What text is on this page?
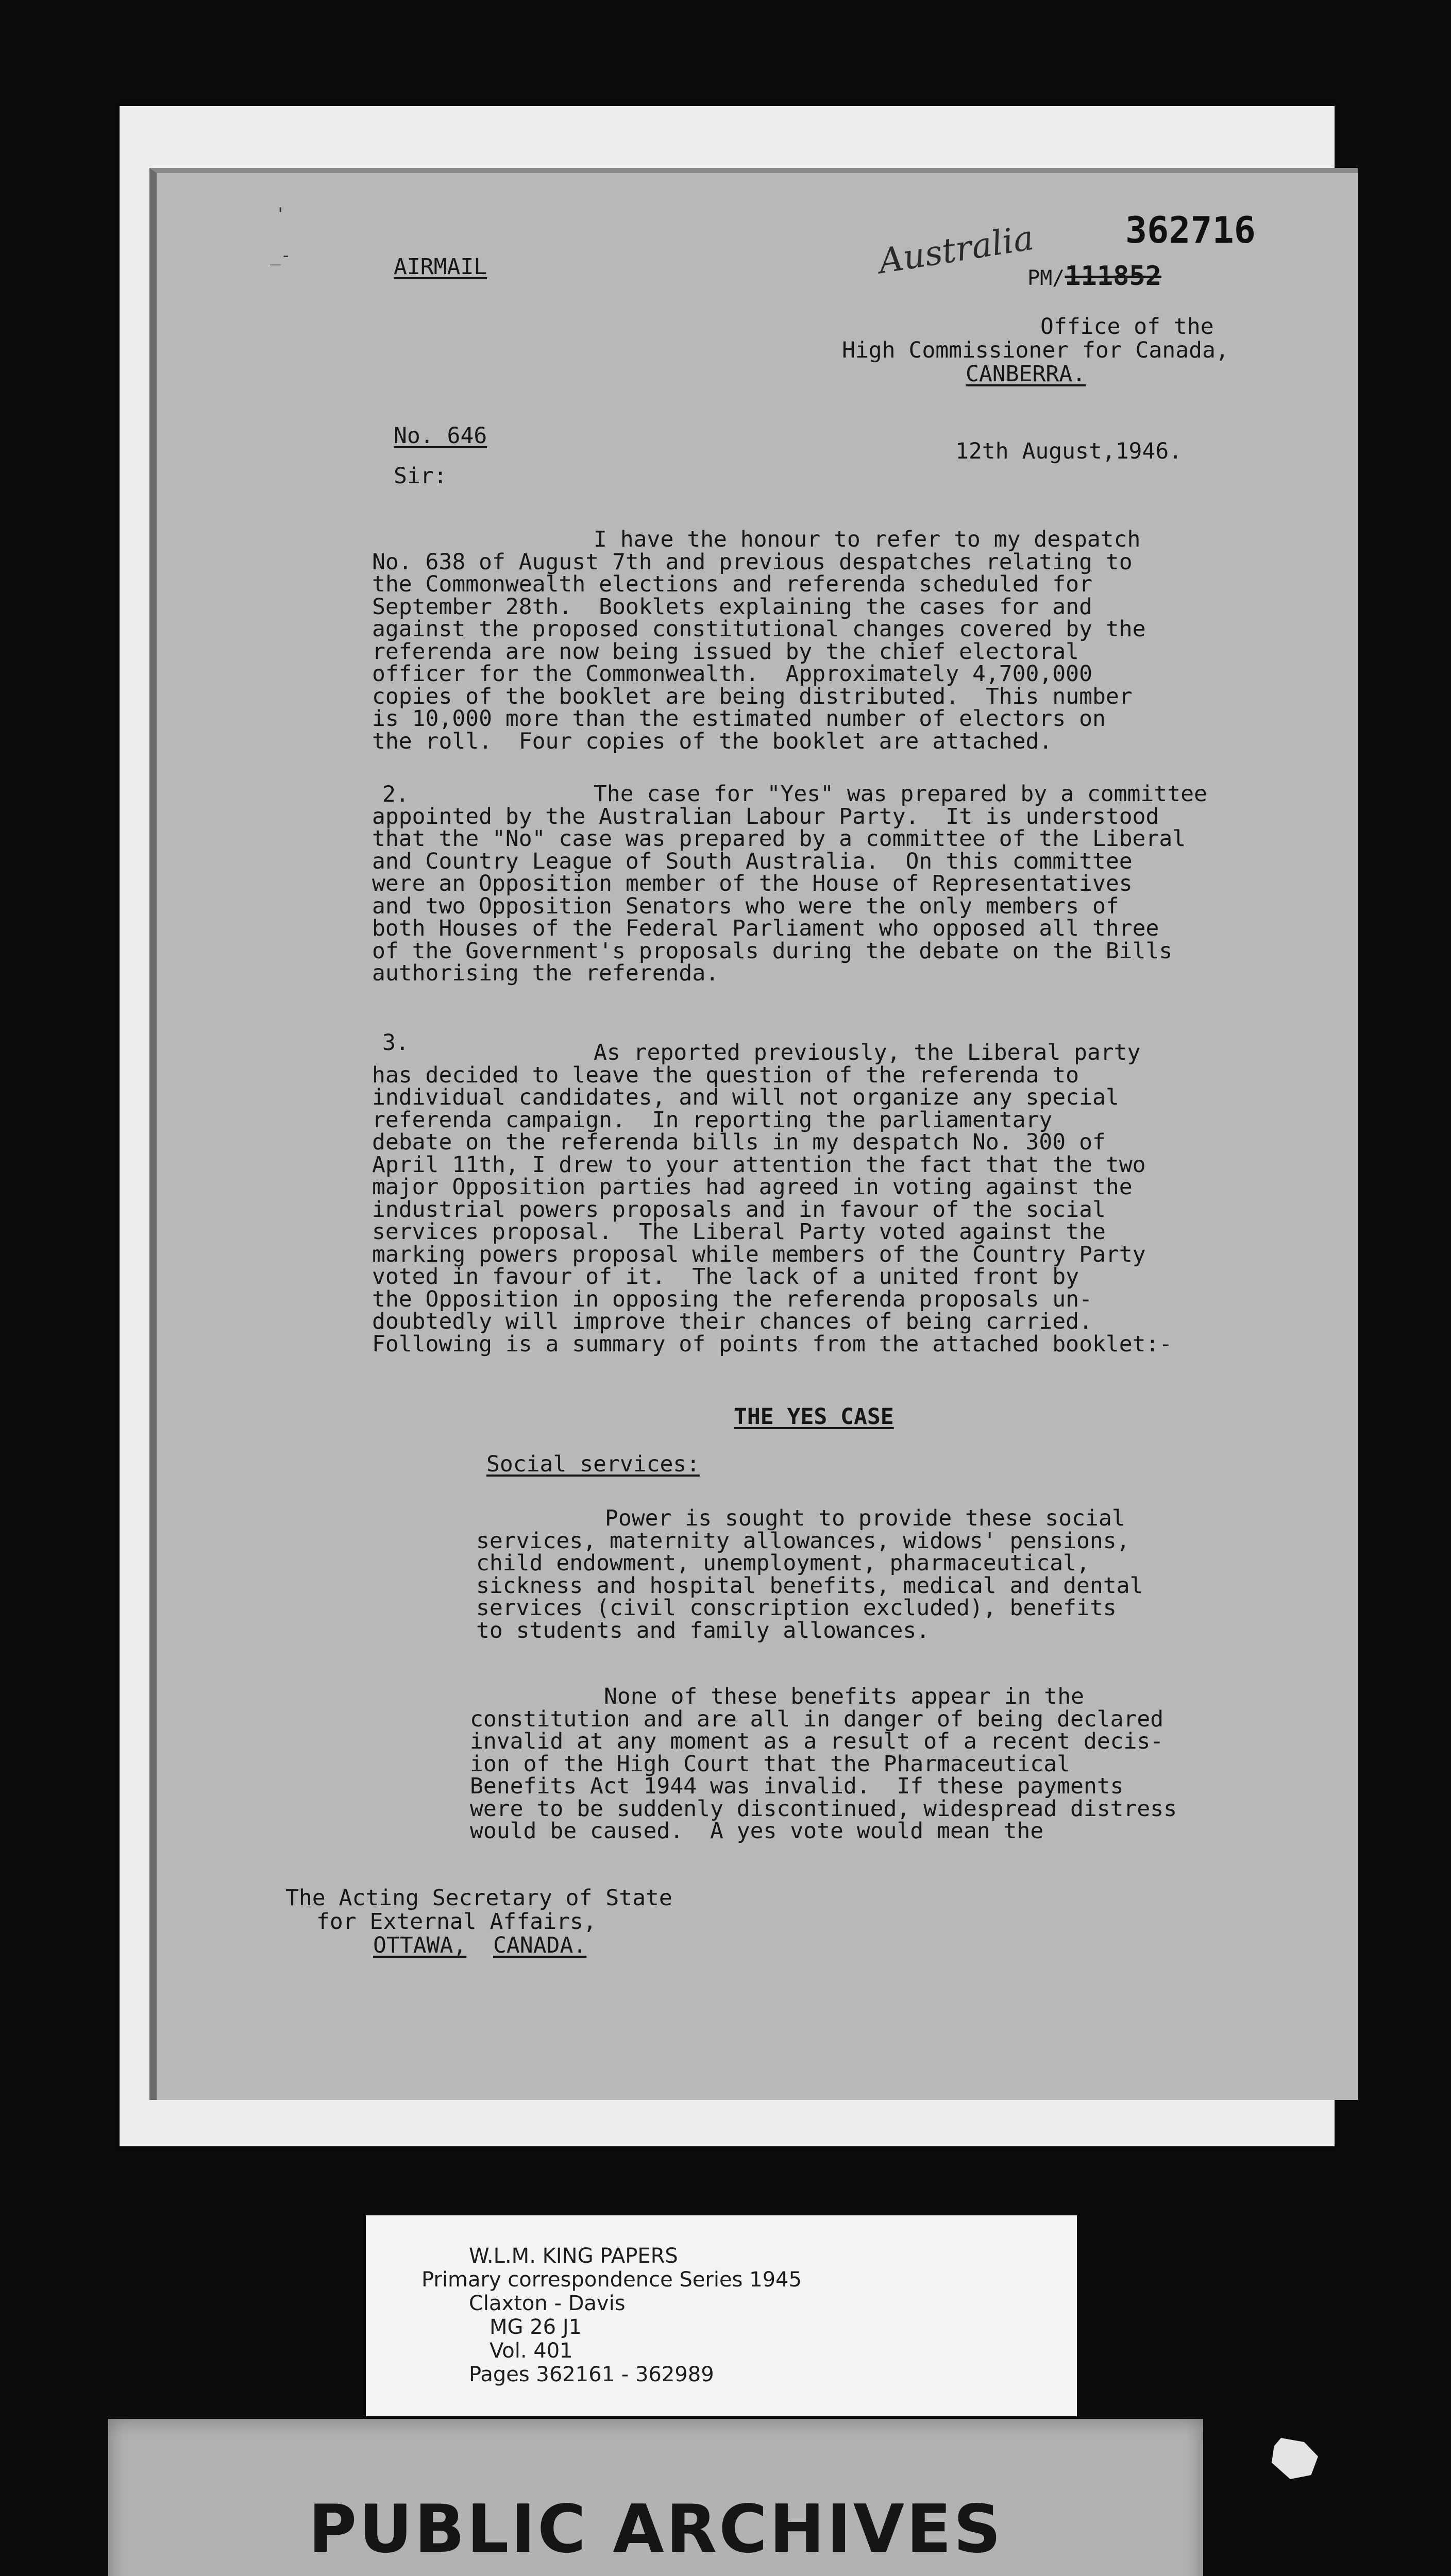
'
_-	AIRMAIL	Australia 362716
PM/111852
Office of the
High Commissioner for Canada,
CANBERRA.
No. 646
12th August,1946.
Sir:
I have the honour to refer to my despatch
No. 638 of August 7th and previous despatches relating to
the Commonwealth elections and referenda scheduled for
September 28th.  Booklets explaining the cases for and
against the proposed constitutional changes covered by the
referenda are now being issued by the chief electoral
officer for the Commonwealth.  Approximately 4,700,000
copies of the booklet are being distributed.  This number
is 10,000 more than the estimated number of electors on
the roll.  Four copies of the booklet are attached.
2.	The case for "Yes" was prepared by a committee
appointed by the Australian Labour Party.  It is understood
that the "No" case was prepared by a committee of the Liberal
and Country League of South Australia.  On this committee
were an Opposition member of the House of Representatives
and two Opposition Senators who were the only members of
both Houses of the Federal Parliament who opposed all three
of the Government's proposals during the debate on the Bills
authorising the referenda.
3.	As reported previously, the Liberal party
has decided to leave the question of the referenda to
individual candidates, and will not organize any special
referenda campaign.  In reporting the parliamentary
debate on the referenda bills in my despatch No. 300 of
April 11th, I drew to your attention the fact that the two
major Opposition parties had agreed in voting against the
industrial powers proposals and in favour of the social
services proposal.  The Liberal Party voted against the
marking powers proposal while members of the Country Party
voted in favour of it.  The lack of a united front by
the Opposition in opposing the referenda proposals un-
doubtedly will improve their chances of being carried.
Following is a summary of points from the attached booklet:-
THE YES CASE
Social services:
Power is sought to provide these social
services, maternity allowances, widows' pensions,
child endowment, unemployment, pharmaceutical,
sickness and hospital benefits, medical and dental
services (civil conscription excluded), benefits
to students and family allowances.
None of these benefits appear in the
constitution and are all in danger of being declared
invalid at any moment as a result of a recent decis-
ion of the High Court that the Pharmaceutical
Benefits Act 1944 was invalid.  If these payments
were to be suddenly discontinued, widespread distress
would be caused.  A yes vote would mean the
The Acting Secretary of State
for External Affairs,
OTTAWA, CANADA.
W.L.M. KING PAPERS
Primary correspondence Series 1945
Claxton - Davis
MG 26 J1
Vol. 401
Pages 362161 - 362989
PUBLIC ARCHIVES
